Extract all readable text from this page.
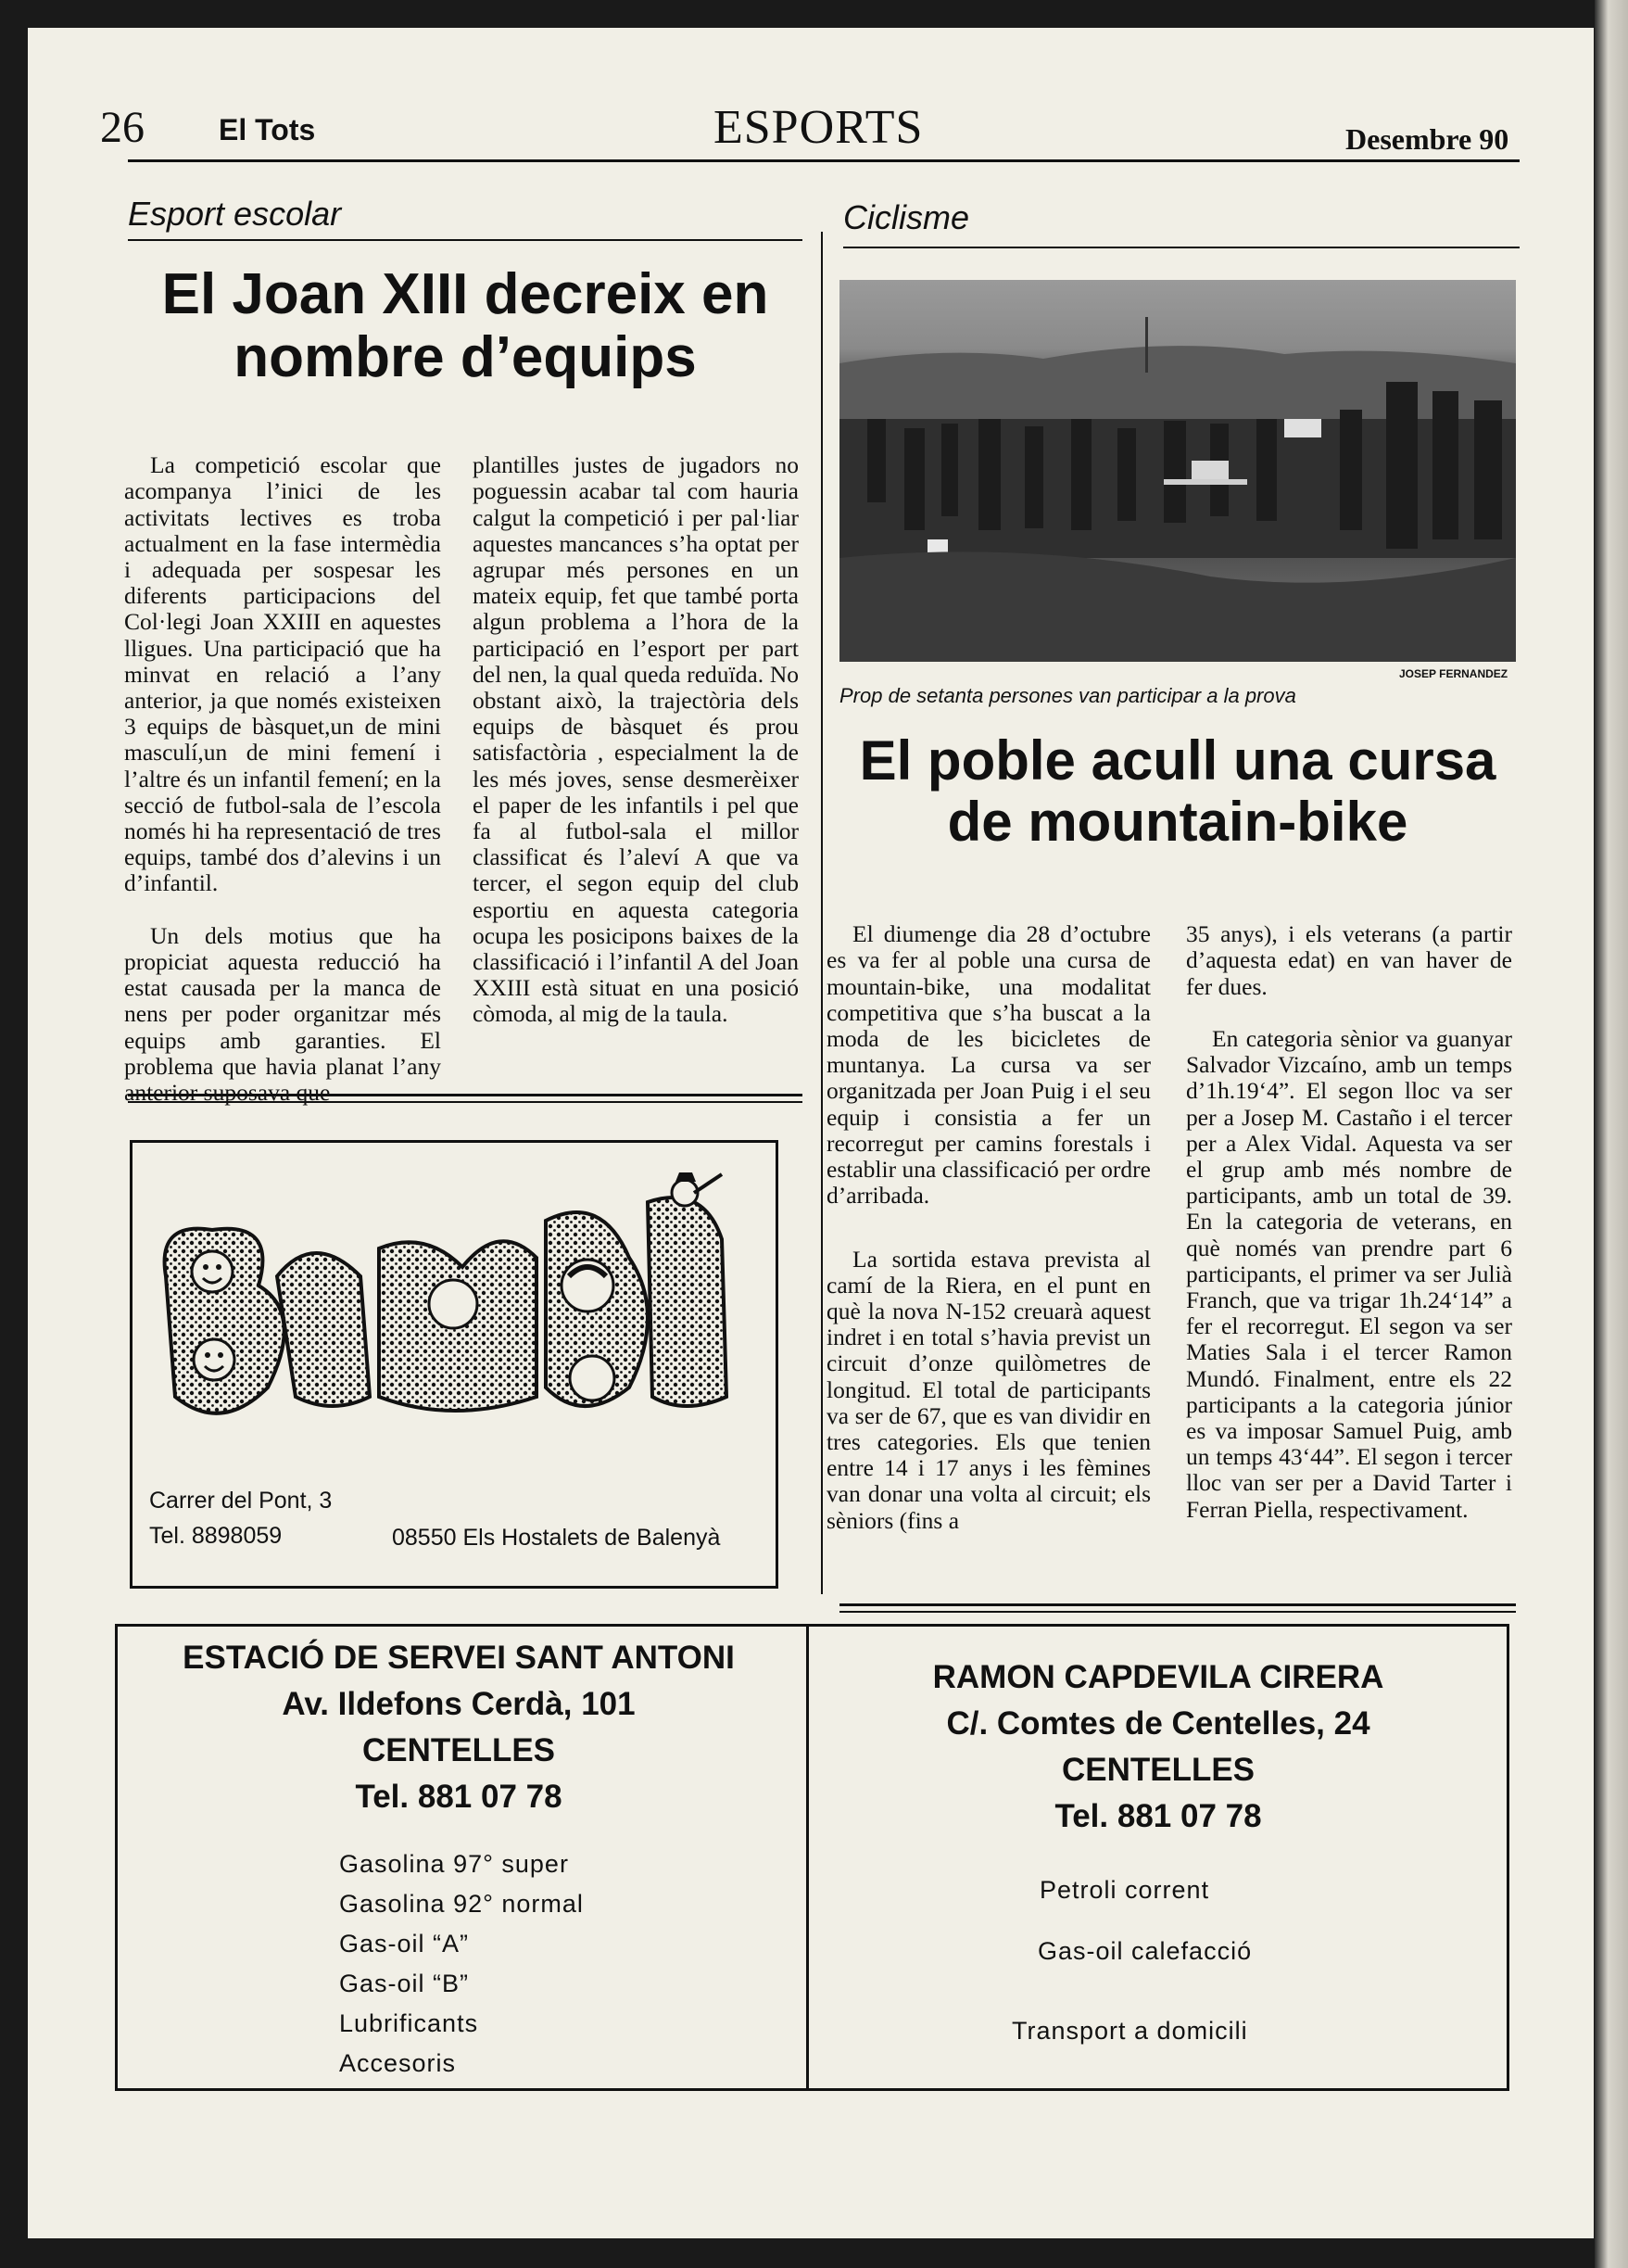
26	El Tots	ESPORTS	Desembre 90
Esport escolar
El Joan XIII decreix en nombre d’equips

La competició escolar que acompanya l’inici de les activitats lectives es troba actualment en la fase intermèdia i adequada per sospesar les diferents participacions del Col·legi Joan XXIII en aquestes lligues. Una participació que ha minvat en relació a l’any anterior, ja que només existeixen 3 equips de bàsquet,un de mini masculí,un de mini femení i l’altre és un infantil femení; en la secció de futbol-sala de l’escola només hi ha representació de tres equips, també dos d’alevins i un d’infantil.

Un dels motius que ha propiciat aquesta reducció ha estat causada per la manca de nens per poder organitzar més equips amb garanties. El problema que havia planat l’any anterior suposava que

plantilles justes de jugadors no poguessin acabar tal com hauria calgut la competició i per pal·liar aquestes mancances s’ha optat per agrupar més persones en un mateix equip, fet que també porta algun problema a l’hora de la participació en l’esport per part del nen, la qual queda reduïda. No obstant això, la trajectòria dels equips de bàsquet és prou satisfactòria , especialment la de les més joves, sense desmerèixer el paper de les infantils i pel que fa al futbol-sala el millor classificat és l’aleví A que va tercer, el segon equip del club esportiu en aquesta categoria ocupa les posicipons baixes de la classificació i l’infantil A del Joan XXIII està situat en una posició còmoda, al mig de la taula.

Carrer del Pont, 3
Tel. 8898059	08550 Els Hostalets de Balenyà
Ciclisme
JOSEP FERNANDEZ
Prop de setanta persones van participar a la prova
El poble acull una cursa de mountain-bike

El diumenge dia 28 d’octubre es va fer al poble una cursa de mountain-bike, una modalitat competitiva que s’ha buscat a la moda de les bicicletes de muntanya. La cursa va ser organitzada per Joan Puig i el seu equip i consistia a fer un recorregut per camins forestals i establir una classificació per ordre d’arribada.

La sortida estava prevista al camí de la Riera, en el punt en què la nova N-152 creuarà aquest indret i en total s’havia previst un circuit d’onze quilòmetres de longitud. El total de participants va ser de 67, que es van dividir en tres categories. Els que tenien entre 14 i 17 anys i les fèmines van donar una volta al circuit; els sèniors (fins a

35 anys), i els veterans (a partir d’aquesta edat) en van haver de fer dues.

En categoria sènior va guanyar Salvador Vizcaíno, amb un temps d’1h.19‘4”. El segon lloc va ser per a Josep M. Castaño i el tercer per a Alex Vidal. Aquesta va ser el grup amb més nombre de participants, amb un total de 39. En la categoria de veterans, en què només van prendre part 6 participants, el primer va ser Julià Franch, que va trigar 1h.24‘14” a fer el recorregut. El segon va ser Maties Sala i el tercer Ramon Mundó. Finalment, entre els 22 participants a la categoria júnior es va imposar Samuel Puig, amb un temps 43‘44”. El segon i tercer lloc van ser per a David Tarter i Ferran Piella, respectivament.

ESTACIÓ DE SERVEI SANT ANTONI
Av. Ildefons Cerdà, 101
CENTELLES
Tel. 881 07 78
Gasolina 97° super
Gasolina 92° normal
Gas-oil “A”
Gas-oil “B”
Lubrificants
Accesoris
RAMON CAPDEVILA CIRERA
C/. Comtes de Centelles, 24
CENTELLES
Tel. 881 07 78
Petroli corrent
Gas-oil calefacció
Transport a domicili
